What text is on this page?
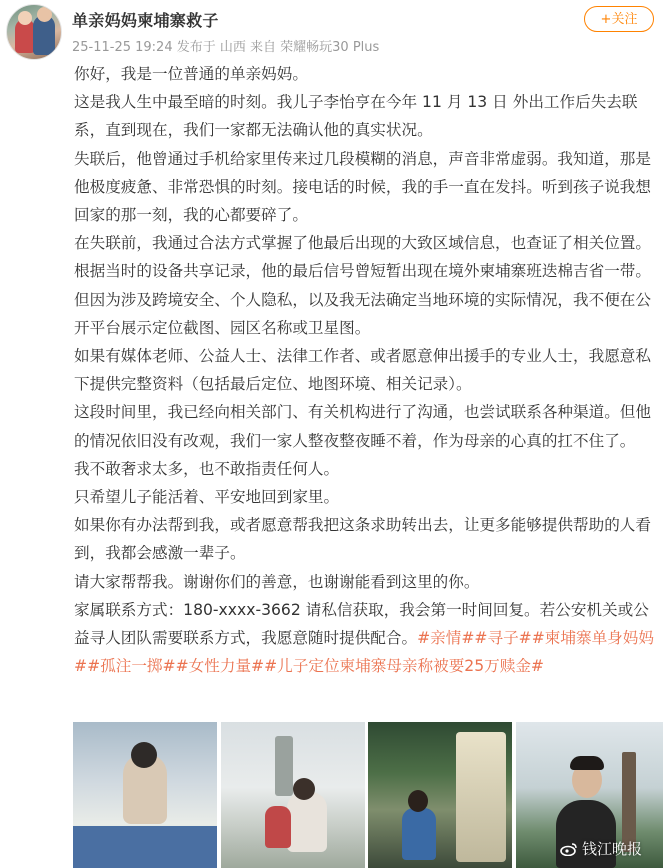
单亲妈妈柬埔寨救子
25-11-25 19:24 发布于 山西 来自 荣耀畅玩30 Plus
+关注

你好，我是一位普通的单亲妈妈。

这是我人生中最至暗的时刻。我儿子李怡亨在今年 11 月 13 日 外出工作后失去联系，直到现在，我们一家都无法确认他的真实状况。

失联后，他曾通过手机给家里传来过几段模糊的消息，声音非常虚弱。我知道，那是他极度疲惫、非常恐惧的时刻。接电话的时候，我的手一直在发抖。听到孩子说我想回家的那一刻，我的心都要碎了。

在失联前，我通过合法方式掌握了他最后出现的大致区域信息，也查证了相关位置。

根据当时的设备共享记录，他的最后信号曾短暂出现在境外柬埔寨班迭棉吉省一带。

但因为涉及跨境安全、个人隐私，以及我无法确定当地环境的实际情况，我不便在公开平台展示定位截图、园区名称或卫星图。

如果有媒体老师、公益人士、法律工作者、或者愿意伸出援手的专业人士，我愿意私下提供完整资料（包括最后定位、地图环境、相关记录）。

这段时间里，我已经向相关部门、有关机构进行了沟通，也尝试联系各种渠道。但他的情况依旧没有改观，我们一家人整夜整夜睡不着，作为母亲的心真的扛不住了。

我不敢奢求太多，也不敢指责任何人。

只希望儿子能活着、平安地回到家里。

如果你有办法帮到我，或者愿意帮我把这条求助转出去，让更多能够提供帮助的人看到，我都会感激一辈子。

请大家帮帮我。谢谢你们的善意，也谢谢能看到这里的你。

家属联系方式：180-xxxx-3662 请私信获取，我会第一时间回复。若公安机关或公益寻人团队需要联系方式，我愿意随时提供配合。#亲情##寻子##柬埔寨单身妈妈##孤注一掷##女性力量##儿子定位柬埔寨母亲称被要25万赎金#

钱江晚报
